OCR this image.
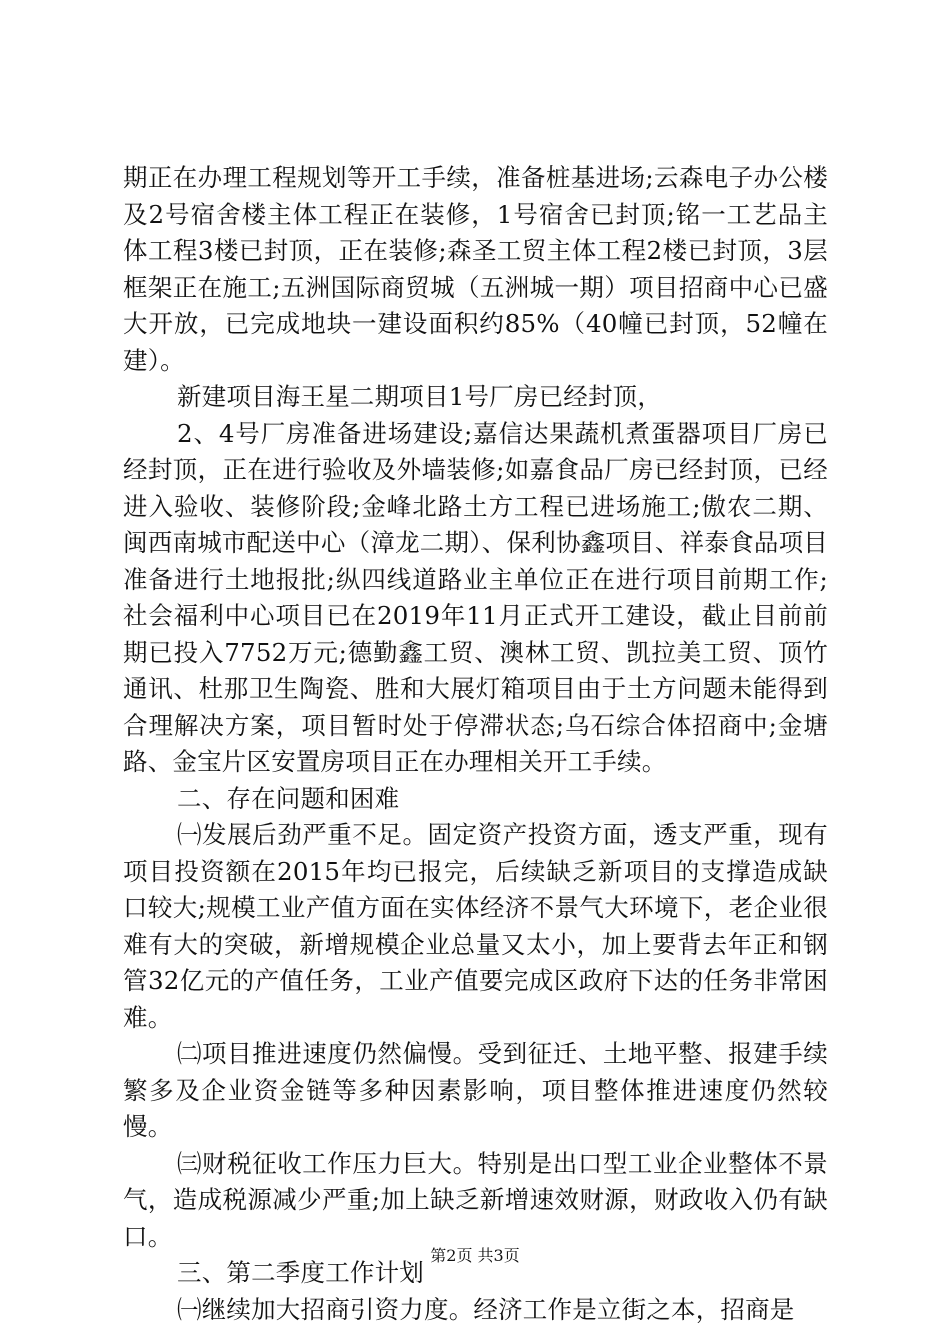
期正在办理工程规划等开工手续，准备桩基进场;云森电子办公楼及2号宿舍楼主体工程正在装修，1号宿舍已封顶;铭一工艺品主体工程3楼已封顶，正在装修;森圣工贸主体工程2楼已封顶，3层框架正在施工;五洲国际商贸城（五洲城一期）项目招商中心已盛大开放，已完成地块一建设面积约85%（40幢已封顶，52幢在建）。

新建项目海王星二期项目1号厂房已经封顶，

2、4号厂房准备进场建设;嘉信达果蔬机煮蛋器项目厂房已经封顶，正在进行验收及外墙装修;如嘉食品厂房已经封顶，已经进入验收、装修阶段;金峰北路土方工程已进场施工;傲农二期、闽西南城市配送中心（漳龙二期）、保利协鑫项目、祥泰食品项目准备进行土地报批;纵四线道路业主单位正在进行项目前期工作;社会福利中心项目已在2019年11月正式开工建设，截止目前前期已投入7752万元;德勤鑫工贸、澳林工贸、凯拉美工贸、顶竹通讯、杜那卫生陶瓷、胜和大展灯箱项目由于土方问题未能得到合理解决方案，项目暂时处于停滞状态;乌石综合体招商中;金塘路、金宝片区安置房项目正在办理相关开工手续。

二、存在问题和困难

㈠发展后劲严重不足。固定资产投资方面，透支严重，现有项目投资额在2015年均已报完，后续缺乏新项目的支撑造成缺口较大;规模工业产值方面在实体经济不景气大环境下，老企业很难有大的突破，新增规模企业总量又太小，加上要背去年正和钢管32亿元的产值任务，工业产值要完成区政府下达的任务非常困难。

㈡项目推进速度仍然偏慢。受到征迁、土地平整、报建手续繁多及企业资金链等多种因素影响，项目整体推进速度仍然较慢。

㈢财税征收工作压力巨大。特别是出口型工业企业整体不景气，造成税源减少严重;加上缺乏新增速效财源，财政收入仍有缺口。

三、第二季度工作计划

㈠继续加大招商引资力度。经济工作是立街之本，招商是

第2页 共3页
